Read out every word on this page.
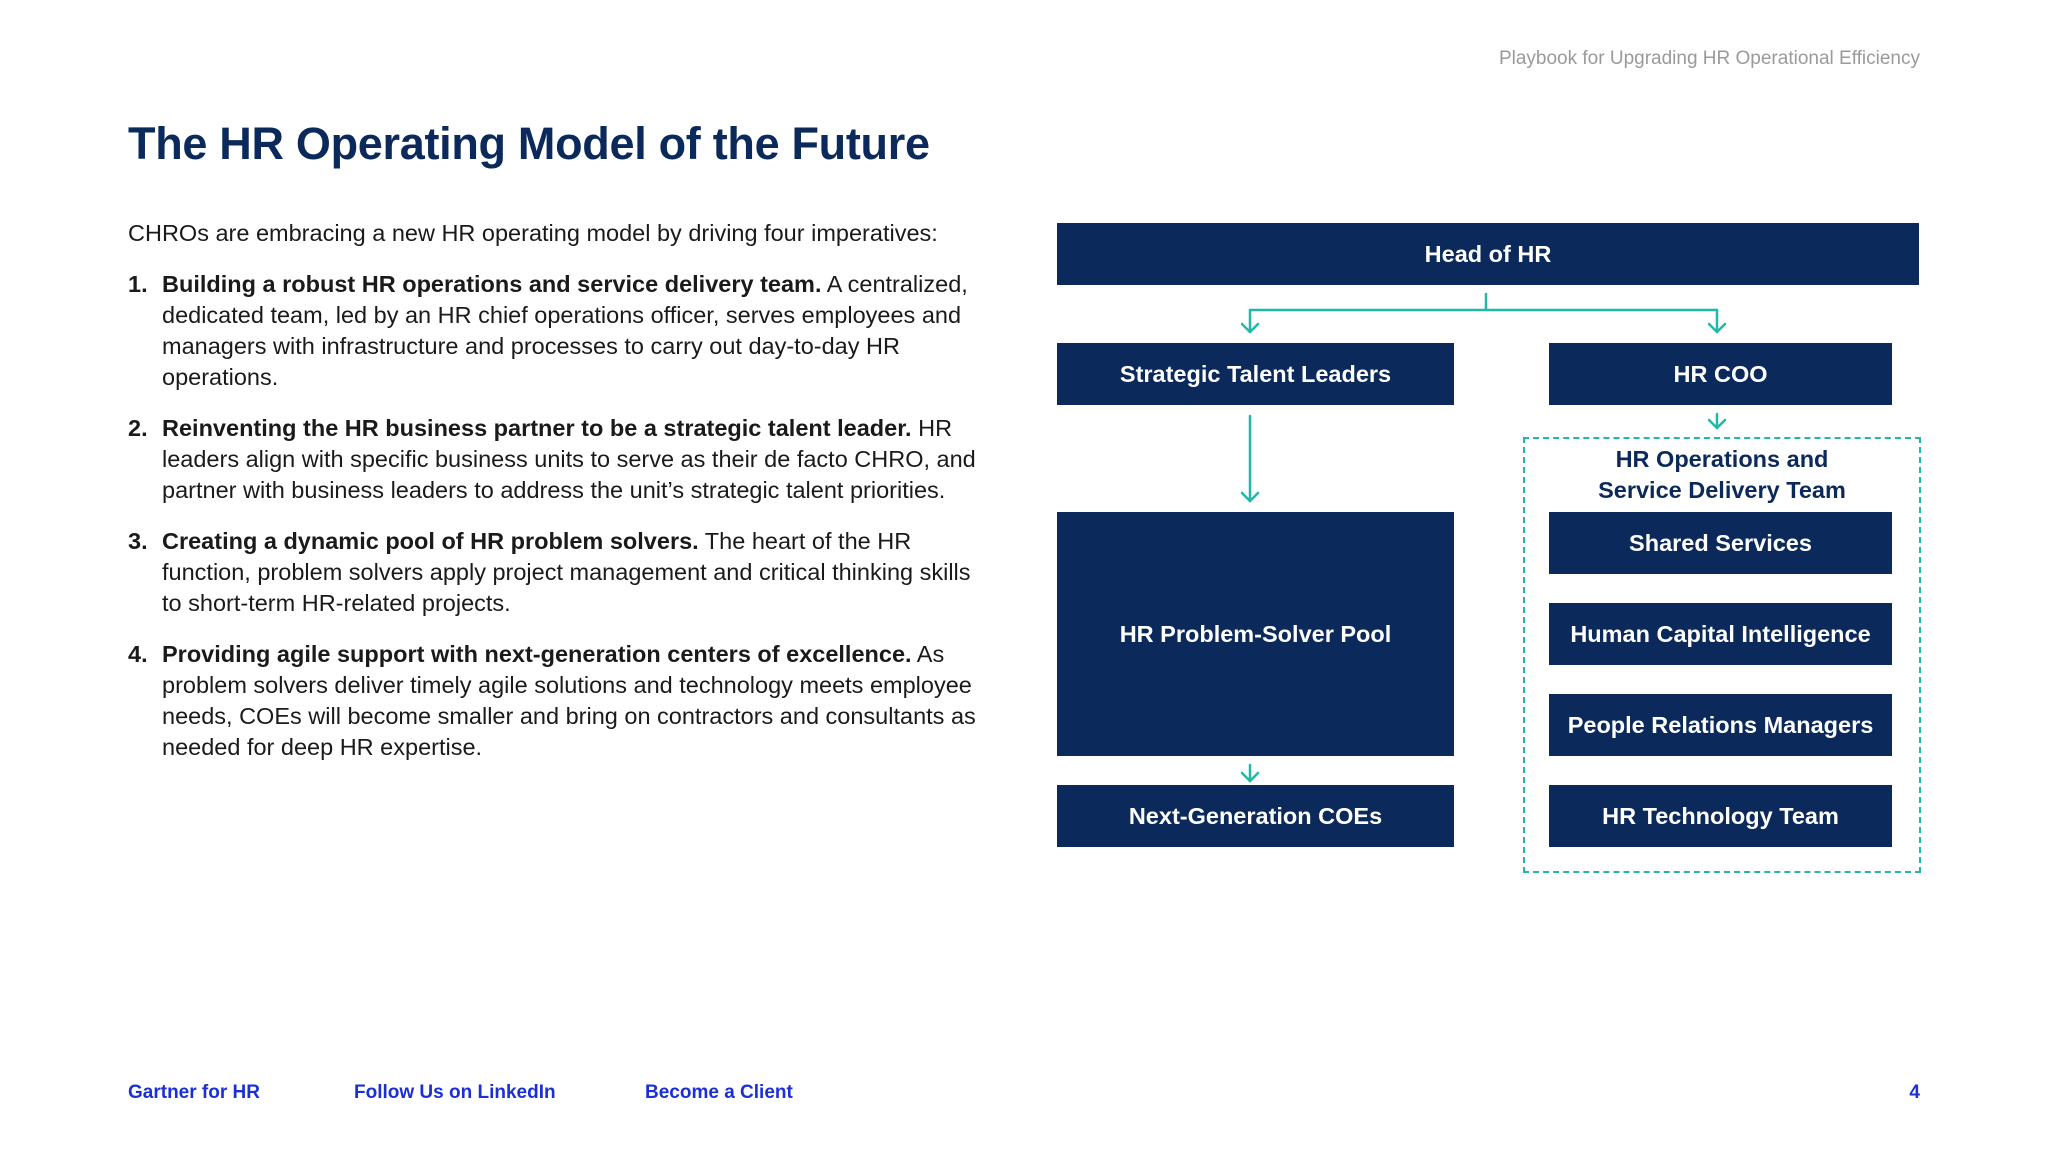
Playbook for Upgrading HR Operational Efficiency
The HR Operating Model of the Future

CHROs are embracing a new HR operating model by driving four imperatives:

1. Building a robust HR operations and service delivery team. A centralized, dedicated team, led by an HR chief operations officer, serves employees and managers with infrastructure and processes to carry out day-to-day HR operations.
2. Reinventing the HR business partner to be a strategic talent leader. HR leaders align with specific business units to serve as their de facto CHRO, and partner with business leaders to address the unit’s strategic talent priorities.
3. Creating a dynamic pool of HR problem solvers. The heart of the HR function, problem solvers apply project management and critical thinking skills to short-term HR-related projects.
4. Providing agile support with next-generation centers of excellence. As problem solvers deliver timely agile solutions and technology meets employee needs, COEs will become smaller and bring on contractors and consultants as needed for deep HR expertise.
Head of HR
Strategic Talent Leaders	HR COO
HR Problem-Solver Pool
Next-Generation COEs
HR Operations and Service Delivery Team
Shared Services
Human Capital Intelligence
People Relations Managers
HR Technology Team
Gartner for HR	Follow Us on LinkedIn	Become a Client	4
